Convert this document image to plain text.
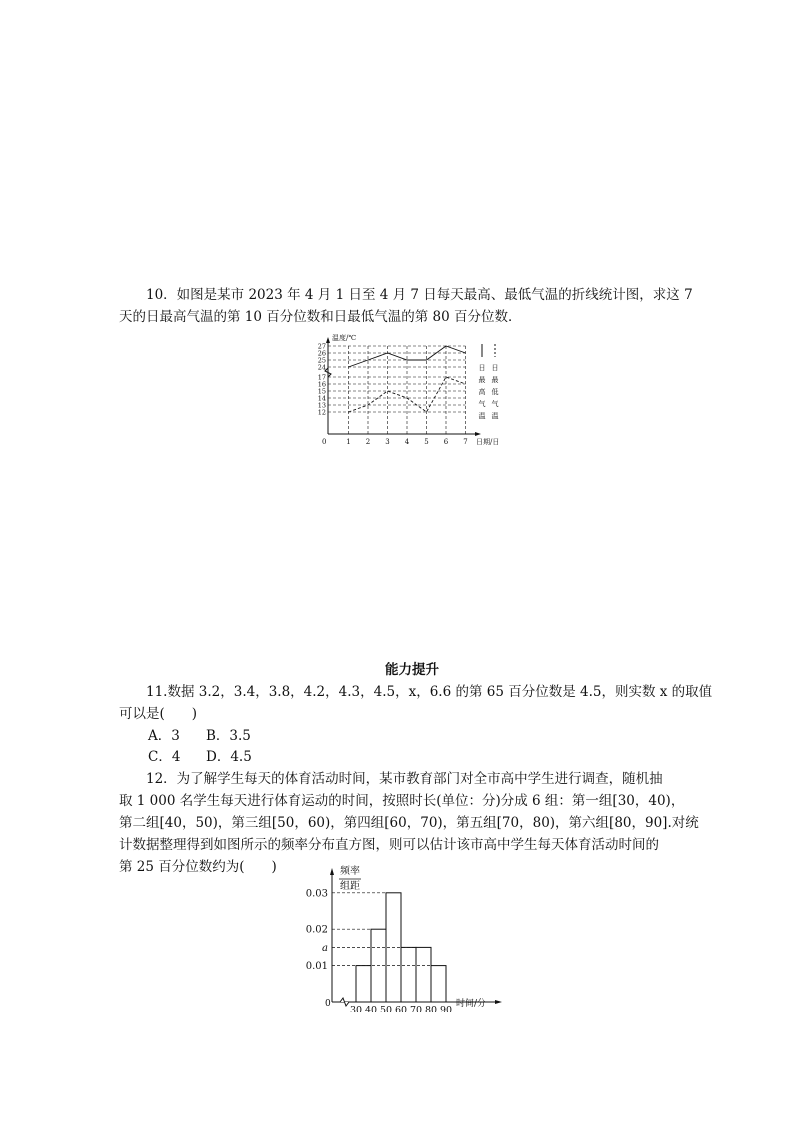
10．如图是某市 2023 年 4 月 1 日至 4 月 7 日每天最高、最低气温的折线统计图，求这 7
天的日最高气温的第 10 百分位数和日最低气温的第 80 百分位数．
温度/℃
0	日期/日
12
13
14
15
16
17
24
25
26
27
1 2 3 4 5 6 7
日
最
高
气
温
日
最
低
气
温
能力提升
11.数据 3.2，3.4，3.8，4.2，4.3，4.5，x，6.6 的第 65 百分位数是 4.5，则实数 x 的取值
可以是(　　)
A．3 B．3.5
C．4 D．4.5
12．为了解学生每天的体育活动时间，某市教育部门对全市高中学生进行调查，随机抽
取 1 000 名学生每天进行体育运动的时间，按照时长(单位：分)分成 6 组：第一组[30，40)，
第二组[40，50)，第三组[50，60)，第四组[60，70)，第五组[70，80)，第六组[80，90].对统
计数据整理得到如图所示的频率分布直方图，则可以估计该市高中学生每天体育活动时间的
第 25 百分位数约为(　　)	频率
组距
0	时间/分
0.03
0.02
a
0.01
30 40 50 60 70 80 90
